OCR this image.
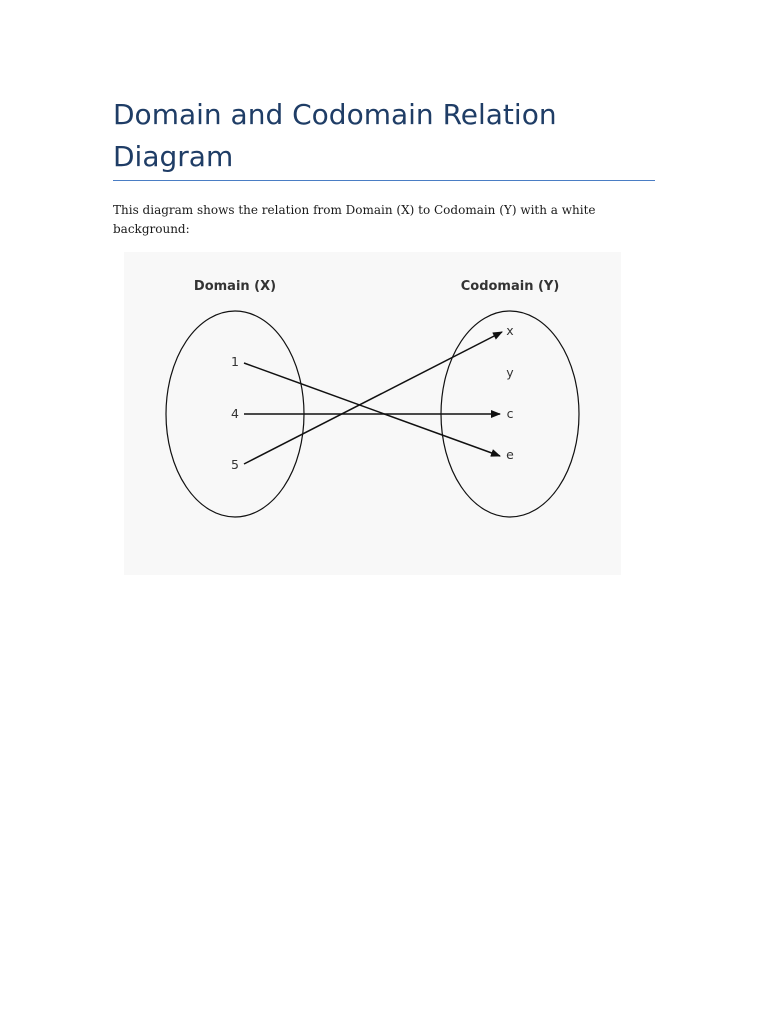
Domain and Codomain Relation Diagram

This diagram shows the relation from Domain (X) to Codomain (Y) with a white background:

Domain (X)	Codomain (Y)
1
4
5
x
y
c
e
